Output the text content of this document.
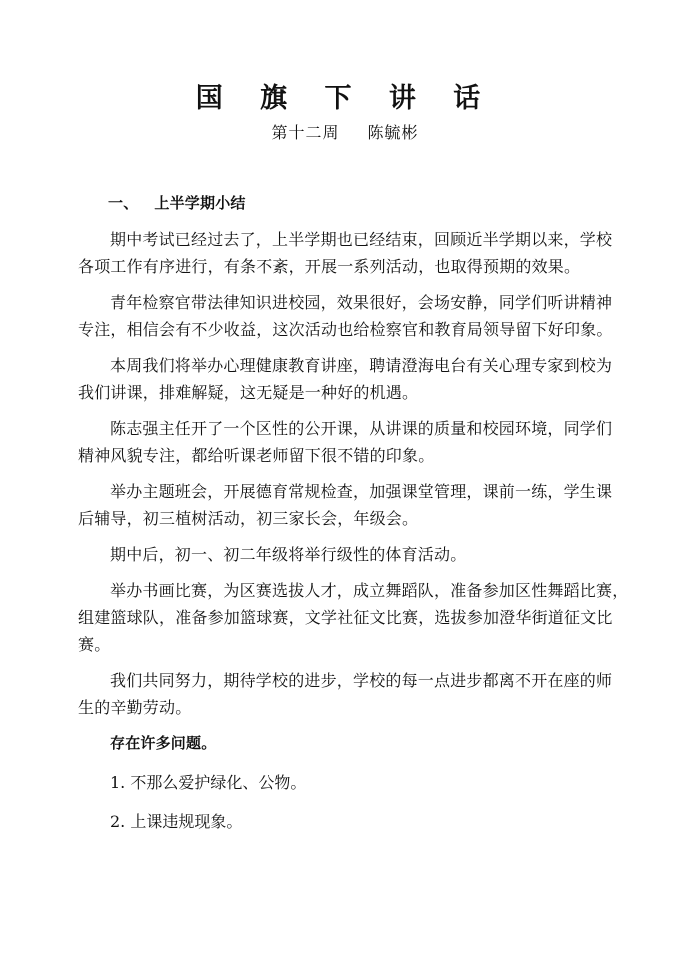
国 旗 下 讲 话
第十二周 陈毓彬
一、 上半学期小结
期中考试已经过去了，上半学期也已经结束，回顾近半学期以来，学校
各项工作有序进行，有条不紊，开展一系列活动，也取得预期的效果。
青年检察官带法律知识进校园，效果很好，会场安静，同学们听讲精神
专注，相信会有不少收益，这次活动也给检察官和教育局领导留下好印象。
本周我们将举办心理健康教育讲座，聘请澄海电台有关心理专家到校为
我们讲课，排难解疑，这无疑是一种好的机遇。
陈志强主任开了一个区性的公开课，从讲课的质量和校园环境，同学们
精神风貌专注，都给听课老师留下很不错的印象。
举办主题班会，开展德育常规检查，加强课堂管理，课前一练，学生课
后辅导，初三植树活动，初三家长会，年级会。
期中后，初一、初二年级将举行级性的体育活动。
举办书画比赛，为区赛选拔人才，成立舞蹈队，准备参加区性舞蹈比赛，
组建篮球队，准备参加篮球赛，文学社征文比赛，选拔参加澄华街道征文比
赛。
我们共同努力，期待学校的进步，学校的每一点进步都离不开在座的师
生的辛勤劳动。
存在许多问题。
1. 不那么爱护绿化、公物。
2. 上课违规现象。
